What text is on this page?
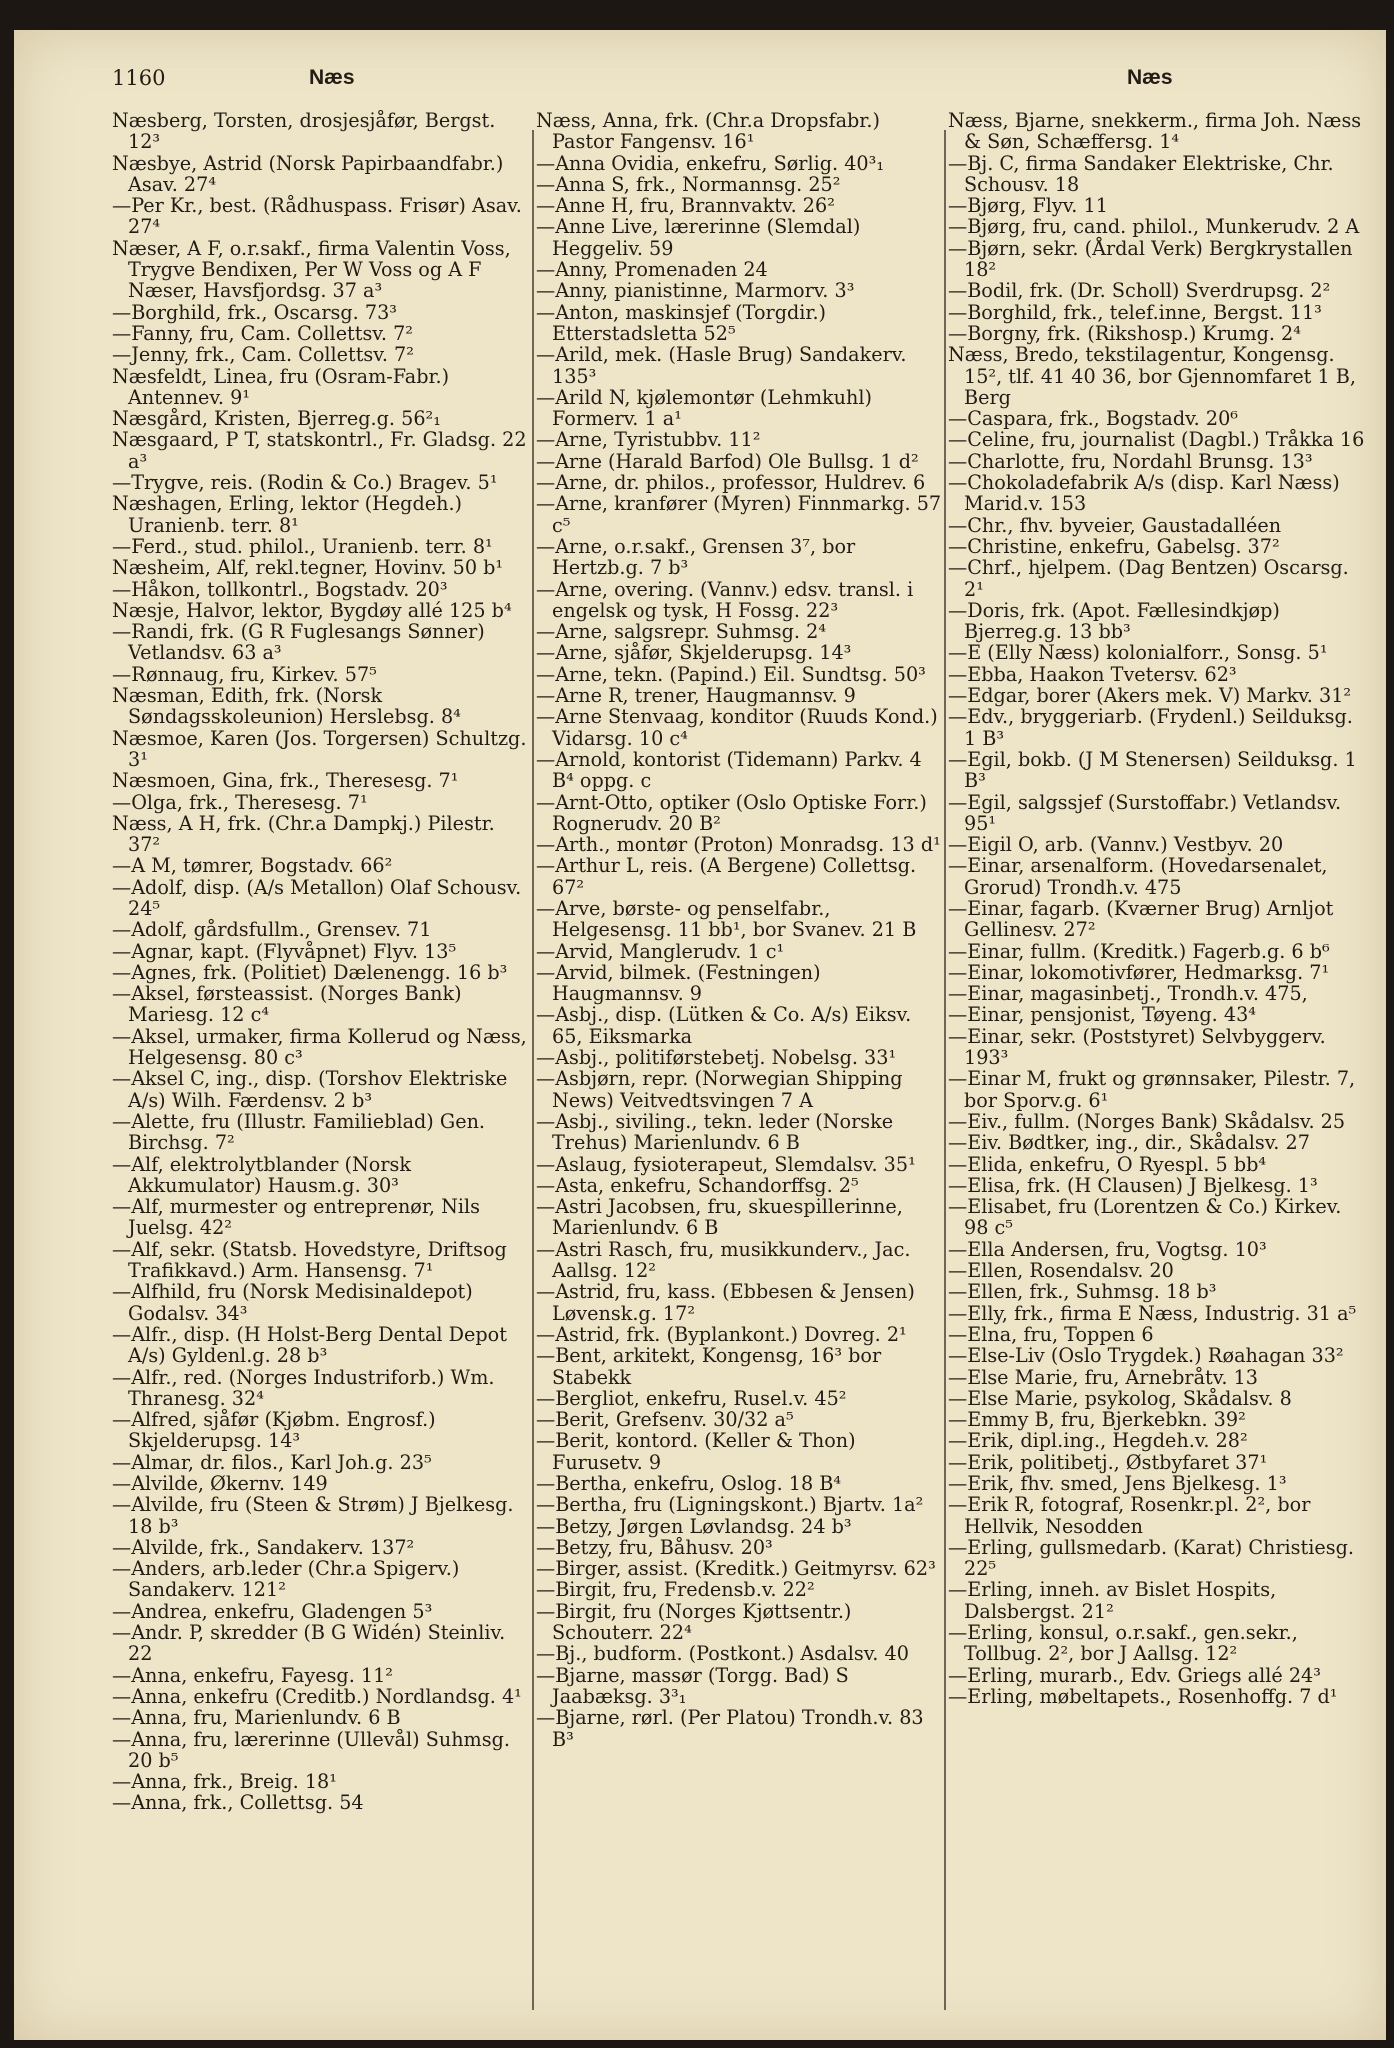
1160	Næs	Næs

Næsberg, Torsten, drosjesjåfør, Bergst. 12³

Næsbye, Astrid (Norsk Papirbaandfabr.) Asav. 27⁴

—Per Kr., best. (Rådhuspass. Frisør) Asav. 27⁴

Næser, A F, o.r.sakf., firma Valentin Voss, Trygve Bendixen, Per W Voss og A F Næser, Havsfjordsg. 37 a³

—Borghild, frk., Oscarsg. 73³

—Fanny, fru, Cam. Collettsv. 7²

—Jenny, frk., Cam. Collettsv. 7²

Næsfeldt, Linea, fru (Osram-Fabr.) Antennev. 9¹

Næsgård, Kristen, Bjerreg.g. 56²₁

Næsgaard, P T, statskontrl., Fr. Gladsg. 22 a³

—Trygve, reis. (Rodin & Co.) Bragev. 5¹

Næshagen, Erling, lektor (Hegdeh.) Uranienb. terr. 8¹

—Ferd., stud. philol., Uranienb. terr. 8¹

Næsheim, Alf, rekl.tegner, Hovinv. 50 b¹

—Håkon, tollkontrl., Bogstadv. 20³

Næsje, Halvor, lektor, Bygdøy allé 125 b⁴

—Randi, frk. (G R Fuglesangs Sønner) Vetlandsv. 63 a³

—Rønnaug, fru, Kirkev. 57⁵

Næsman, Edith, frk. (Norsk Søndagsskoleunion) Herslebsg. 8⁴

Næsmoe, Karen (Jos. Torgersen) Schultzg. 3¹

Næsmoen, Gina, frk., Theresesg. 7¹

—Olga, frk., Theresesg. 7¹

Næss, A H, frk. (Chr.a Dampkj.) Pilestr. 37²

—A M, tømrer, Bogstadv. 66²

—Adolf, disp. (A/s Metallon) Olaf Schousv. 24⁵

—Adolf, gårdsfullm., Grensev. 71

—Agnar, kapt. (Flyvåpnet) Flyv. 13⁵

—Agnes, frk. (Politiet) Dælenengg. 16 b³

—Aksel, førsteassist. (Norges Bank) Mariesg. 12 c⁴

—Aksel, urmaker, firma Kollerud og Næss, Helgesensg. 80 c³

—Aksel C, ing., disp. (Torshov Elektriske A/s) Wilh. Færdensv. 2 b³

—Alette, fru (Illustr. Familieblad) Gen. Birchsg. 7²

—Alf, elektrolytblander (Norsk Akkumulator) Hausm.g. 30³

—Alf, murmester og entreprenør, Nils Juelsg. 42²

—Alf, sekr. (Statsb. Hovedstyre, Driftsog Trafikkavd.) Arm. Hansensg. 7¹

—Alfhild, fru (Norsk Medisinaldepot) Godalsv. 34³

—Alfr., disp. (H Holst-Berg Dental Depot A/s) Gyldenl.g. 28 b³

—Alfr., red. (Norges Industriforb.) Wm. Thranesg. 32⁴

—Alfred, sjåfør (Kjøbm. Engrosf.) Skjelderupsg. 14³

—Almar, dr. filos., Karl Joh.g. 23⁵

—Alvilde, Økernv. 149

—Alvilde, fru (Steen & Strøm) J Bjelkesg. 18 b³

—Alvilde, frk., Sandakerv. 137²

—Anders, arb.leder (Chr.a Spigerv.) Sandakerv. 121²

—Andrea, enkefru, Gladengen 5³

—Andr. P, skredder (B G Widén) Steinliv. 22

—Anna, enkefru, Fayesg. 11²

—Anna, enkefru (Creditb.) Nordlandsg. 4¹

—Anna, fru, Marienlundv. 6 B

—Anna, fru, lærerinne (Ullevål) Suhmsg. 20 b⁵

—Anna, frk., Breig. 18¹

—Anna, frk., Collettsg. 54

Næss, Anna, frk. (Chr.a Dropsfabr.) Pastor Fangensv. 16¹

—Anna Ovidia, enkefru, Sørlig. 40³₁

—Anna S, frk., Normannsg. 25²

—Anne H, fru, Brannvaktv. 26²

—Anne Live, lærerinne (Slemdal) Heggeliv. 59

—Anny, Promenaden 24

—Anny, pianistinne, Marmorv. 3³

—Anton, maskinsjef (Torgdir.) Etterstadsletta 52⁵

—Arild, mek. (Hasle Brug) Sandakerv. 135³

—Arild N, kjølemontør (Lehmkuhl) Formerv. 1 a¹

—Arne, Tyristubbv. 11²

—Arne (Harald Barfod) Ole Bullsg. 1 d²

—Arne, dr. philos., professor, Huldrev. 6

—Arne, kranfører (Myren) Finnmarkg. 57 c⁵

—Arne, o.r.sakf., Grensen 3⁷, bor Hertzb.g. 7 b³

—Arne, overing. (Vannv.) edsv. transl. i engelsk og tysk, H Fossg. 22³

—Arne, salgsrepr. Suhmsg. 2⁴

—Arne, sjåfør, Skjelderupsg. 14³

—Arne, tekn. (Papind.) Eil. Sundtsg. 50³

—Arne R, trener, Haugmannsv. 9

—Arne Stenvaag, konditor (Ruuds Kond.) Vidarsg. 10 c⁴

—Arnold, kontorist (Tidemann) Parkv. 4 B⁴ oppg. c

—Arnt-Otto, optiker (Oslo Optiske Forr.) Rognerudv. 20 B²

—Arth., montør (Proton) Monradsg. 13 d¹

—Arthur L, reis. (A Bergene) Collettsg. 67²

—Arve, børste- og penselfabr., Helgesensg. 11 bb¹, bor Svanev. 21 B

—Arvid, Manglerudv. 1 c¹

—Arvid, bilmek. (Festningen) Haugmannsv. 9

—Asbj., disp. (Lütken & Co. A/s) Eiksv. 65, Eiksmarka

—Asbj., politiførstebetj. Nobelsg. 33¹

—Asbjørn, repr. (Norwegian Shipping News) Veitvedtsvingen 7 A

—Asbj., siviling., tekn. leder (Norske Trehus) Marienlundv. 6 B

—Aslaug, fysioterapeut, Slemdalsv. 35¹

—Asta, enkefru, Schandorffsg. 2⁵

—Astri Jacobsen, fru, skuespillerinne, Marienlundv. 6 B

—Astri Rasch, fru, musikkunderv., Jac. Aallsg. 12²

—Astrid, fru, kass. (Ebbesen & Jensen) Løvensk.g. 17²

—Astrid, frk. (Byplankont.) Dovreg. 2¹

—Bent, arkitekt, Kongensg, 16³ bor Stabekk

—Bergliot, enkefru, Rusel.v. 45²

—Berit, Grefsenv. 30/32 a⁵

—Berit, kontord. (Keller & Thon) Furusetv. 9

—Bertha, enkefru, Oslog. 18 B⁴

—Bertha, fru (Ligningskont.) Bjartv. 1a²

—Betzy, Jørgen Løvlandsg. 24 b³

—Betzy, fru, Båhusv. 20³

—Birger, assist. (Kreditk.) Geitmyrsv. 62³

—Birgit, fru, Fredensb.v. 22²

—Birgit, fru (Norges Kjøttsentr.) Schouterr. 22⁴

—Bj., budform. (Postkont.) Asdalsv. 40

—Bjarne, massør (Torgg. Bad) S Jaabæksg. 3³₁

—Bjarne, rørl. (Per Platou) Trondh.v. 83 B³

Næss, Bjarne, snekkerm., firma Joh. Næss & Søn, Schæffersg. 1⁴

—Bj. C, firma Sandaker Elektriske, Chr. Schousv. 18

—Bjørg, Flyv. 11

—Bjørg, fru, cand. philol., Munkerudv. 2 A

—Bjørn, sekr. (Årdal Verk) Bergkrystallen 18²

—Bodil, frk. (Dr. Scholl) Sverdrupsg. 2²

—Borghild, frk., telef.inne, Bergst. 11³

—Borgny, frk. (Rikshosp.) Krumg. 2⁴

Næss, Bredo, tekstilagentur, Kongensg. 15², tlf. 41 40 36, bor Gjennomfaret 1 B, Berg

—Caspara, frk., Bogstadv. 20⁶

—Celine, fru, journalist (Dagbl.) Tråkka 16

—Charlotte, fru, Nordahl Brunsg. 13³

—Chokoladefabrik A/s (disp. Karl Næss) Marid.v. 153

—Chr., fhv. byveier, Gaustadalléen

—Christine, enkefru, Gabelsg. 37²

—Chrf., hjelpem. (Dag Bentzen) Oscarsg. 2¹

—Doris, frk. (Apot. Fællesindkjøp) Bjerreg.g. 13 bb³

—E (Elly Næss) kolonialforr., Sonsg. 5¹

—Ebba, Haakon Tvetersv. 62³

—Edgar, borer (Akers mek. V) Markv. 31²

—Edv., bryggeriarb. (Frydenl.) Seilduksg. 1 B³

—Egil, bokb. (J M Stenersen) Seilduksg. 1 B³

—Egil, salgssjef (Surstoffabr.) Vetlandsv. 95¹

—Eigil O, arb. (Vannv.) Vestbyv. 20

—Einar, arsenalform. (Hovedarsenalet, Grorud) Trondh.v. 475

—Einar, fagarb. (Kværner Brug) Arnljot Gellinesv. 27²

—Einar, fullm. (Kreditk.) Fagerb.g. 6 b⁶

—Einar, lokomotivfører, Hedmarksg. 7¹

—Einar, magasinbetj., Trondh.v. 475,

—Einar, pensjonist, Tøyeng. 43⁴

—Einar, sekr. (Poststyret) Selvbyggerv. 193³

—Einar M, frukt og grønnsaker, Pilestr. 7, bor Sporv.g. 6¹

—Eiv., fullm. (Norges Bank) Skådalsv. 25

—Eiv. Bødtker, ing., dir., Skådalsv. 27

—Elida, enkefru, O Ryespl. 5 bb⁴

—Elisa, frk. (H Clausen) J Bjelkesg. 1³

—Elisabet, fru (Lorentzen & Co.) Kirkev. 98 c⁵

—Ella Andersen, fru, Vogtsg. 10³

—Ellen, Rosendalsv. 20

—Ellen, frk., Suhmsg. 18 b³

—Elly, frk., firma E Næss, Industrig. 31 a⁵

—Elna, fru, Toppen 6

—Else-Liv (Oslo Trygdek.) Røahagan 33²

—Else Marie, fru, Arnebråtv. 13

—Else Marie, psykolog, Skådalsv. 8

—Emmy B, fru, Bjerkebkn. 39²

—Erik, dipl.ing., Hegdeh.v. 28²

—Erik, politibetj., Østbyfaret 37¹

—Erik, fhv. smed, Jens Bjelkesg. 1³

—Erik R, fotograf, Rosenkr.pl. 2², bor Hellvik, Nesodden

—Erling, gullsmedarb. (Karat) Christiesg. 22⁵

—Erling, inneh. av Bislet Hospits, Dalsbergst. 21²

—Erling, konsul, o.r.sakf., gen.sekr., Tollbug. 2², bor J Aallsg. 12²

—Erling, murarb., Edv. Griegs allé 24³

—Erling, møbeltapets., Rosenhoffg. 7 d¹
